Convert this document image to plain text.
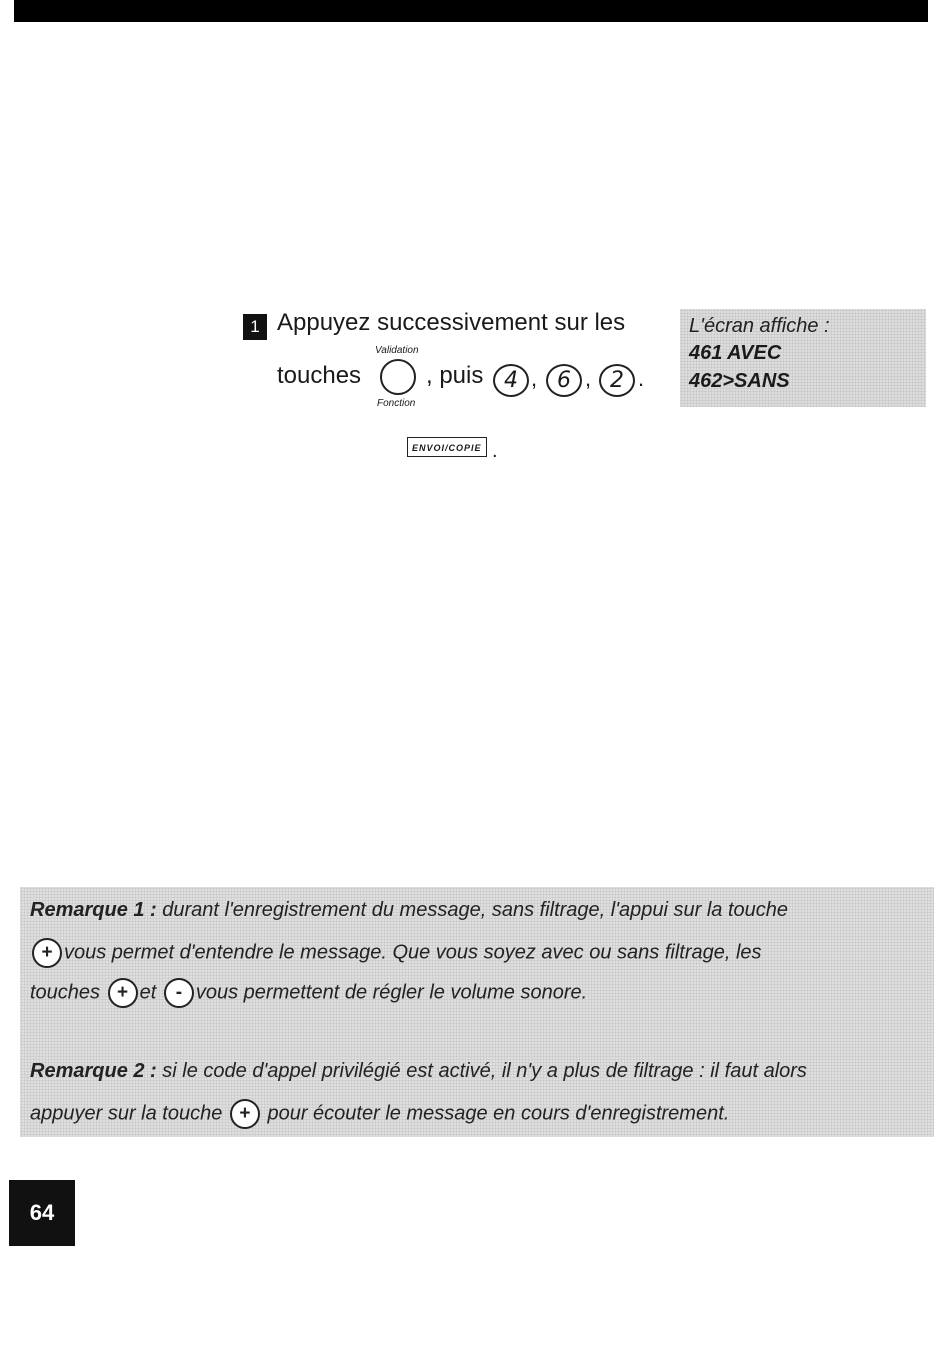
1 Appuyez successivement sur les
touches
Validation
Fonction
, puis 4 , 6 , 2 .
ENVOI/COPIE .
L'écran affiche :
461 AVEC
462>SANS
Remarque 1 : durant l'enregistrement du message, sans filtrage, l'appui sur la touche
+ vous permet d'entendre le message. Que vous soyez avec ou sans filtrage, les
touches + et - vous permettent de régler le volume sonore.
Remarque 2 : si le code d'appel privilégié est activé, il n'y a plus de filtrage : il faut alors
appuyer sur la touche + pour écouter le message en cours d'enregistrement.
64
